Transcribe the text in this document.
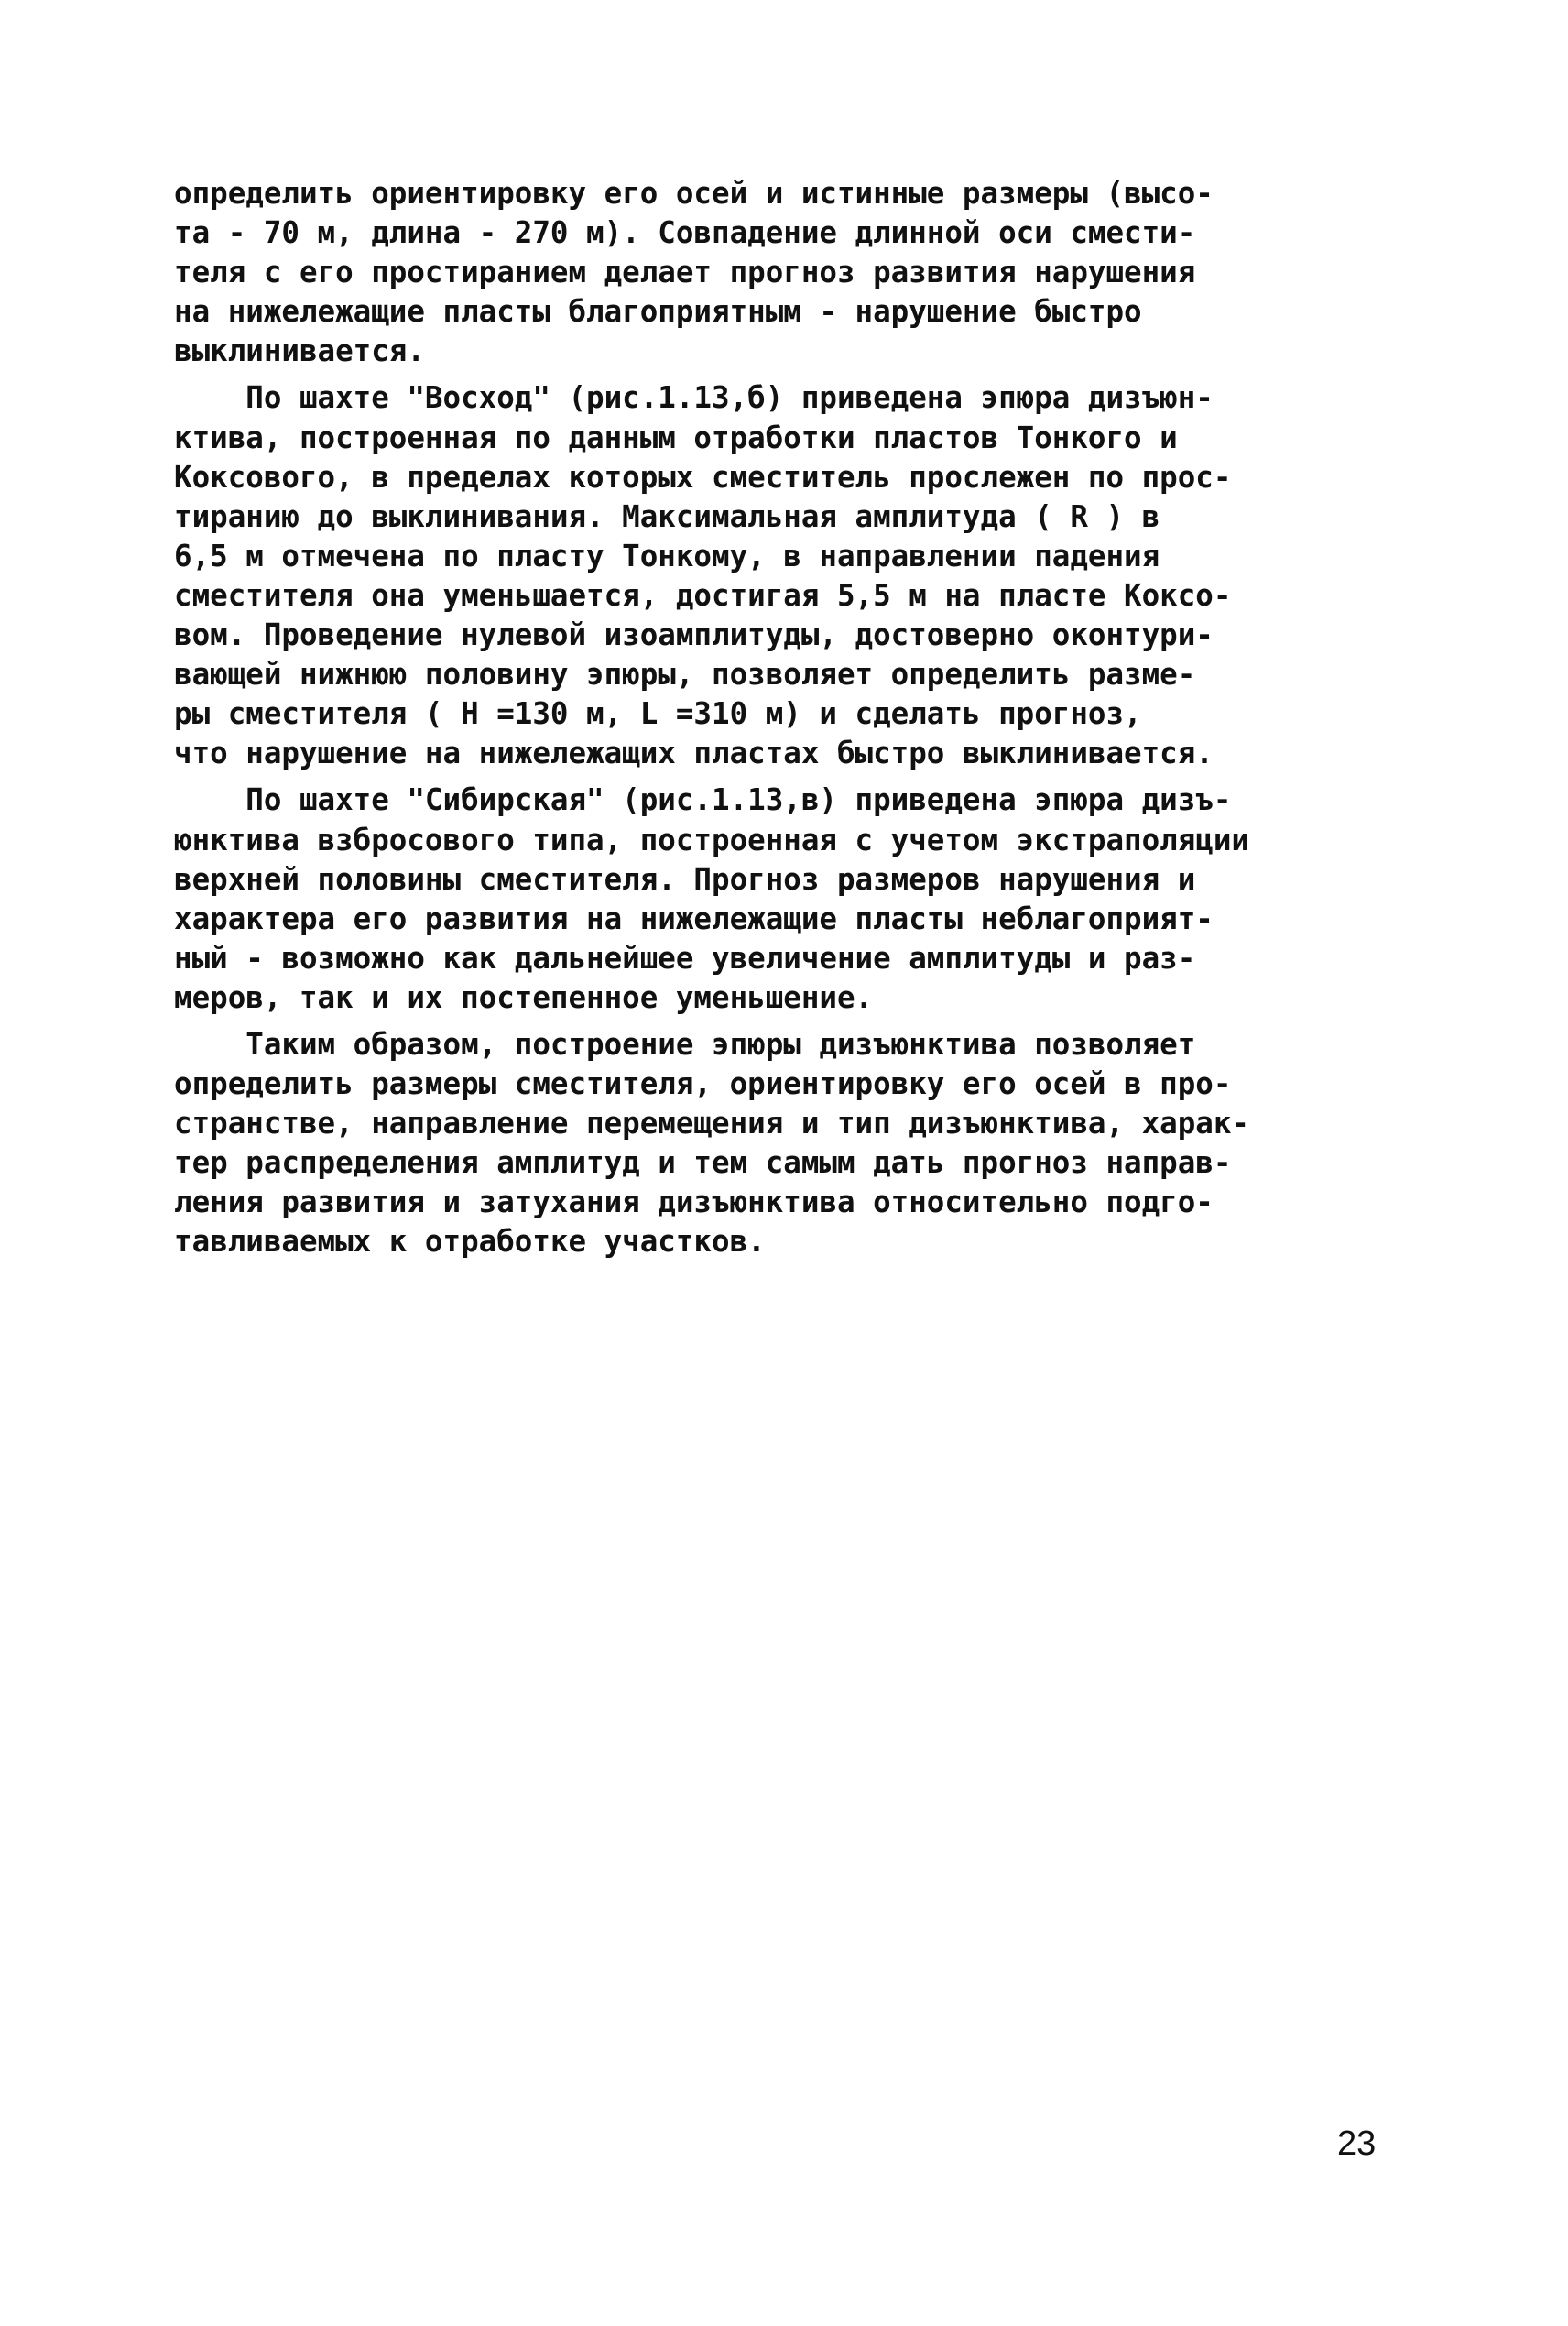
определить ориентировку его осей и истинные размеры (высо-
та - 70 м, длина - 270 м). Совпадение длинной оси смести-
теля с его простиранием делает прогноз развития нарушения
на нижележащие пласты благоприятным - нарушение быстро
выклинивается.
По шахте "Восход" (рис.1.13,б) приведена эпюра дизъюн-
ктива, построенная по данным отработки пластов Тонкого и
Коксового, в пределах которых сместитель прослежен по прос-
тиранию до выклинивания. Максимальная амплитуда ( R ) в
6,5 м отмечена по пласту Тонкому, в направлении падения
сместителя она уменьшается, достигая 5,5 м на пласте Коксо-
вом. Проведение нулевой изоамплитуды, достоверно оконтури-
вающей нижнюю половину эпюры, позволяет определить разме-
ры сместителя ( H =130 м, L =310 м) и сделать прогноз,
что нарушение на нижележащих пластах быстро выклинивается.
По шахте "Сибирская" (рис.1.13,в) приведена эпюра дизъ-
юнктива взбросового типа, построенная с учетом экстраполяции
верхней половины сместителя. Прогноз размеров нарушения и
характера его развития на нижележащие пласты неблагоприят-
ный - возможно как дальнейшее увеличение амплитуды и раз-
меров, так и их постепенное уменьшение.
Таким образом, построение эпюры дизъюнктива позволяет
определить размеры сместителя, ориентировку его осей в про-
странстве, направление перемещения и тип дизъюнктива, харак-
тер распределения амплитуд и тем самым дать прогноз направ-
ления развития и затухания дизъюнктива относительно подго-
тавливаемых к отработке участков.
23
